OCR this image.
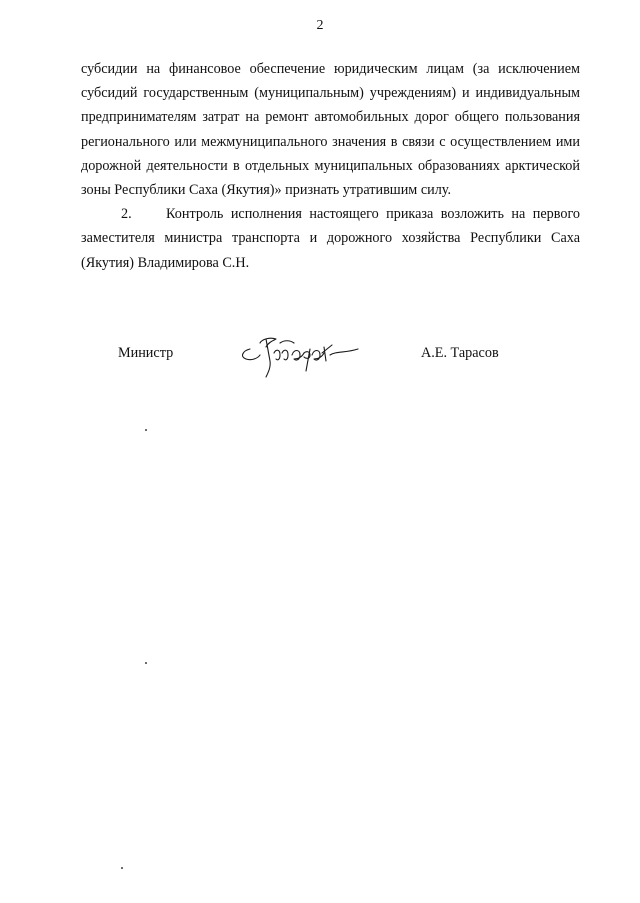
2

субсидии на финансовое обеспечение юридическим лицам (за исключением субсидий государственным (муниципальным) учреждениям) и индивидуальным предпринимателям затрат на ремонт автомобильных дорог общего пользования регионального или межмуниципального значения в связи с осуществлением ими дорожной деятельности в отдельных муниципальных образованиях арктической зоны Республики Саха (Якутия)» признать утратившим силу.

2. Контроль исполнения настоящего приказа возложить на первого заместителя министра транспорта и дорожного хозяйства Республики Саха (Якутия) Владимирова С.Н.

Министр	А.Е. Тарасов
